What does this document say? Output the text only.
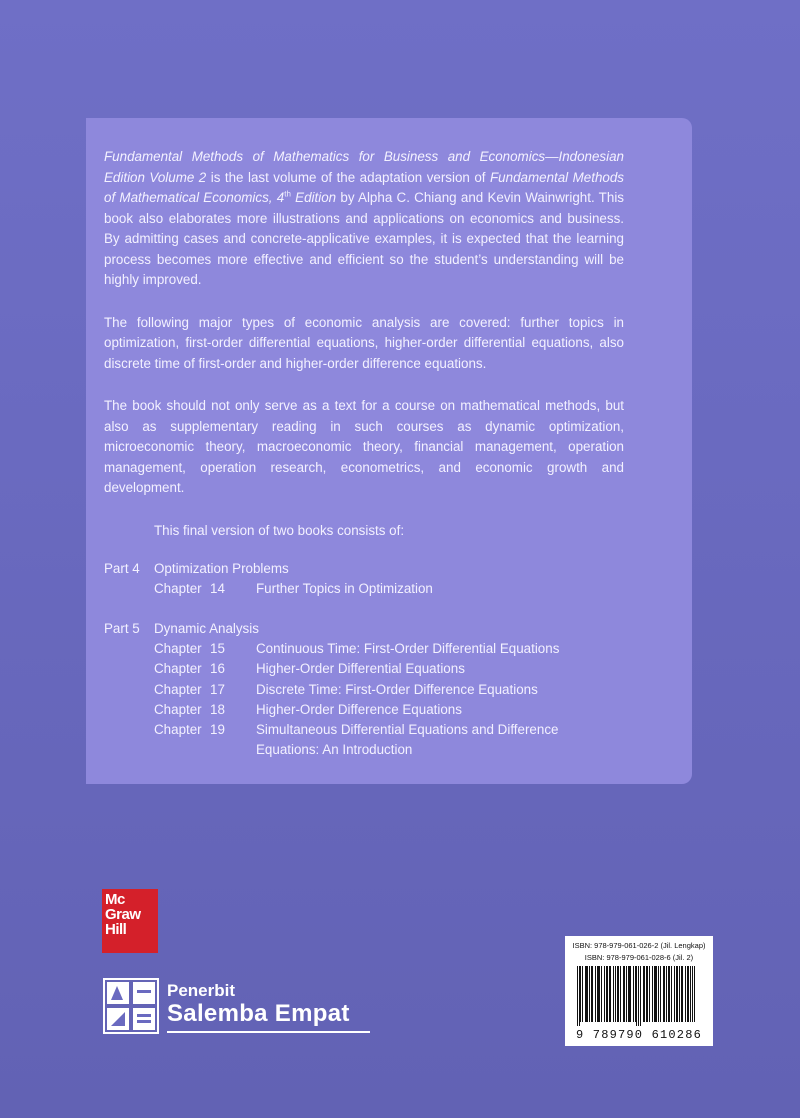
Fundamental Methods of Mathematics for Business and Economics—Indonesian Edition Volume 2 is the last volume of the adaptation version of Fundamental Methods of Mathematical Economics, 4th Edition by Alpha C. Chiang and Kevin Wainwright. This book also elaborates more illustrations and applications on economics and business. By admitting cases and concrete-applicative examples, it is expected that the learning process becomes more effective and efficient so the student’s understanding will be highly improved.

The following major types of economic analysis are covered: further topics in optimization, first-order differential equations, higher-order differential equations, also discrete time of first-order and higher-order difference equations.

The book should not only serve as a text for a course on mathematical methods, but also as supplementary reading in such courses as dynamic optimization, microeconomic theory, macroeconomic theory, financial management, operation management, operation research, econometrics, and economic growth and development.

This final version of two books consists of:
Part 4	Optimization Problems
Chapter 14	Further Topics in Optimization
Part 5	Dynamic Analysis
Chapter 15	Continuous Time: First-Order Differential Equations
Chapter 16	Higher-Order Differential Equations
Chapter 17	Discrete Time: First-Order Difference Equations
Chapter 18	Higher-Order Difference Equations
Chapter 19	Simultaneous Differential Equations and Difference Equations: An Introduction
Mc
Graw
Hill
Penerbit
Salemba Empat
ISBN: 978-979-061-026-2 (Jil. Lengkap)
ISBN: 978-979-061-028-6 (Jil. 2)
9 789790 610286
